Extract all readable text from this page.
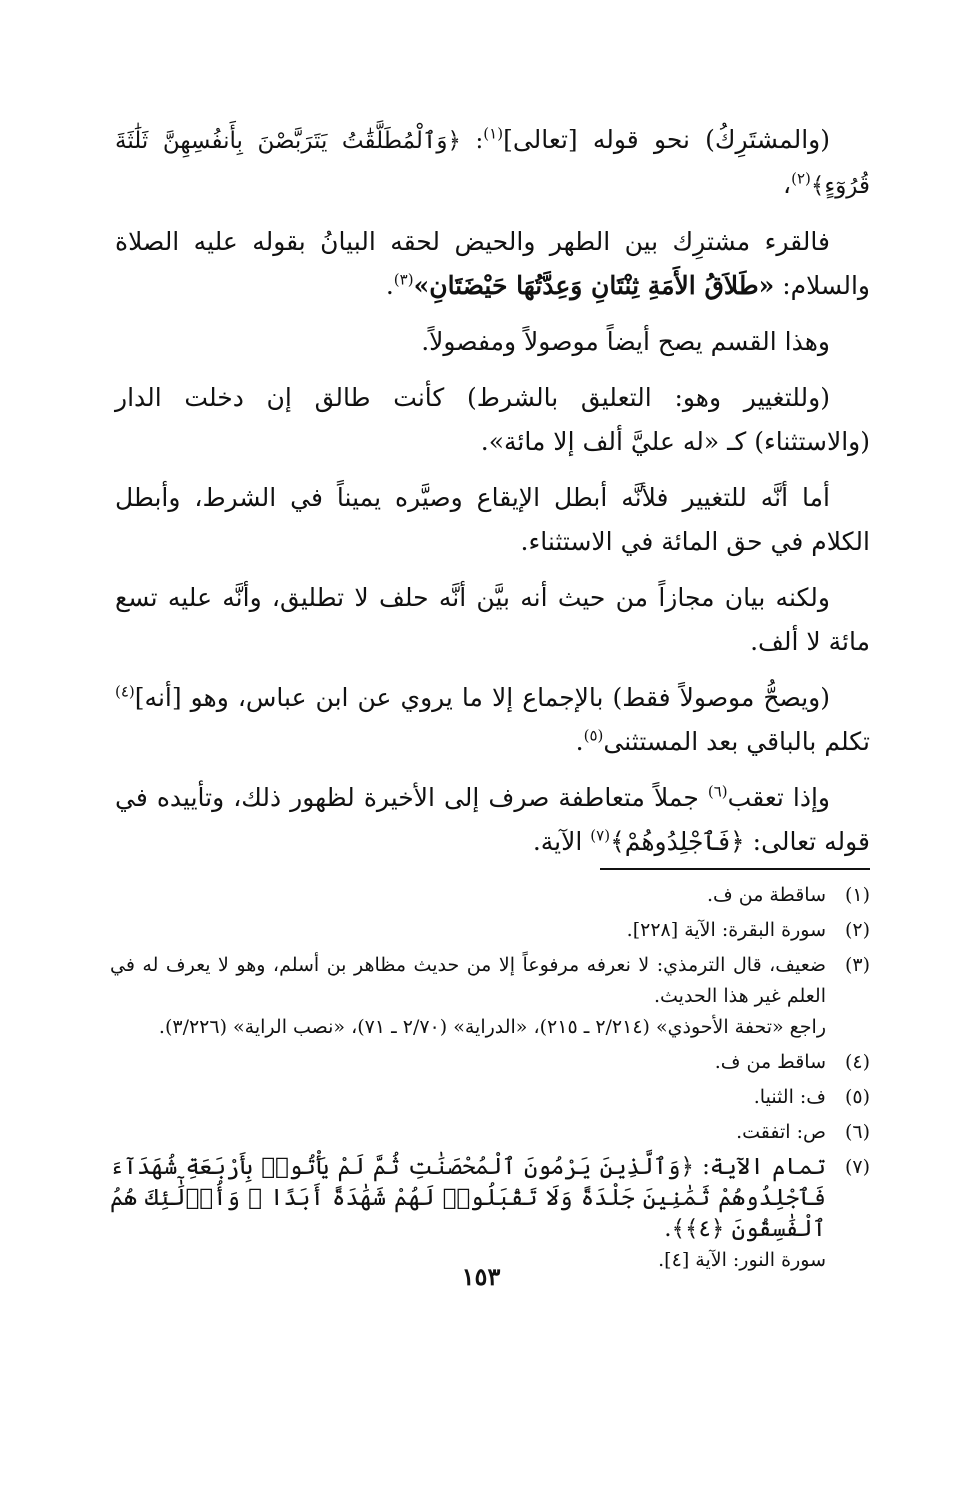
(والمشتَرِكُ) نحو قوله [تعالى]$^{(١)}$: ﴿وَٱلْمُطَلَّقَٰتُ يَتَرَبَّصْنَ بِأَنفُسِهِنَّ ثَلَٰثَةَ قُرُوٓءٍ﴾$^{(٢)}$،

فالقرء مشترِك بين الطهر والحيض لحقه البيانُ بقوله عليه الصلاة والسلام: «طَلاَقُ الأَمَةِ ثِنْتَانِ وَعِدَّتُهَا حَيْضَتَانِ»$^{(٣)}$.

وهذا القسم يصح أيضاً موصولاً ومفصولاً.

(وللتغيير وهو: التعليق بالشرط) كأنت طالق إن دخلت الدار (والاستثناء) كـ «له عليَّ ألف إلا مائة».

أما أنَّه للتغيير فلأنَّه أبطل الإيقاع وصيَّره يميناً في الشرط، وأبطل الكلام في حق المائة في الاستثناء.

ولكنه بيان مجازاً من حيث أنه بيَّن أنَّه حلف لا تطليق، وأنَّه عليه تسع مائة لا ألف.

(ويصحُّ موصولاً فقط) بالإجماع إلا ما يروي عن ابن عباس، وهو [أنه]$^{(٤)}$ تكلم بالباقي بعد المستثنى$^{(٥)}$.

وإذا تعقب$^{(٦)}$ جملاً متعاطفة صرف إلى الأخيرة لظهور ذلك، وتأييده في قوله تعالى: ﴿فَٱجْلِدُوهُمْ﴾$^{(٧)}$ الآية.

(١)
ساقطة من ف.
(٢)
سورة البقرة: الآية [٢٢٨].
(٣)
ضعيف، قال الترمذي: لا نعرفه مرفوعاً إلا من حديث مظاهر بن أسلم، وهو لا يعرف له في العلم غير هذا الحديث.
راجع «تحفة الأحوذي» (٢/٢١٤ ـ ٢١٥)، «الدراية» (٢/٧٠ ـ ٧١)، «نصب الراية» (٣/٢٢٦).
(٤)
ساقط من ف.
(٥)
ف: الثنيا.
(٦)
ص: اتفقت.
(٧)
تمام الآية: ﴿وَٱلَّذِينَ يَرْمُونَ ٱلْمُحْصَنَٰتِ ثُمَّ لَمْ يَأْتُوا۟ بِأَرْبَعَةِ شُهَدَآءَ فَٱجْلِدُوهُمْ ثَمَٰنِينَ جَلْدَةً وَلَا تَقْبَلُوا۟ لَهُمْ شَهَٰدَةً أَبَدًا ۚ وَأُو۟لَٰٓئِكَ هُمُ ٱلْفَٰسِقُونَ ﴿٤﴾﴾.
سورة النور: الآية [٤].
١٥٣
